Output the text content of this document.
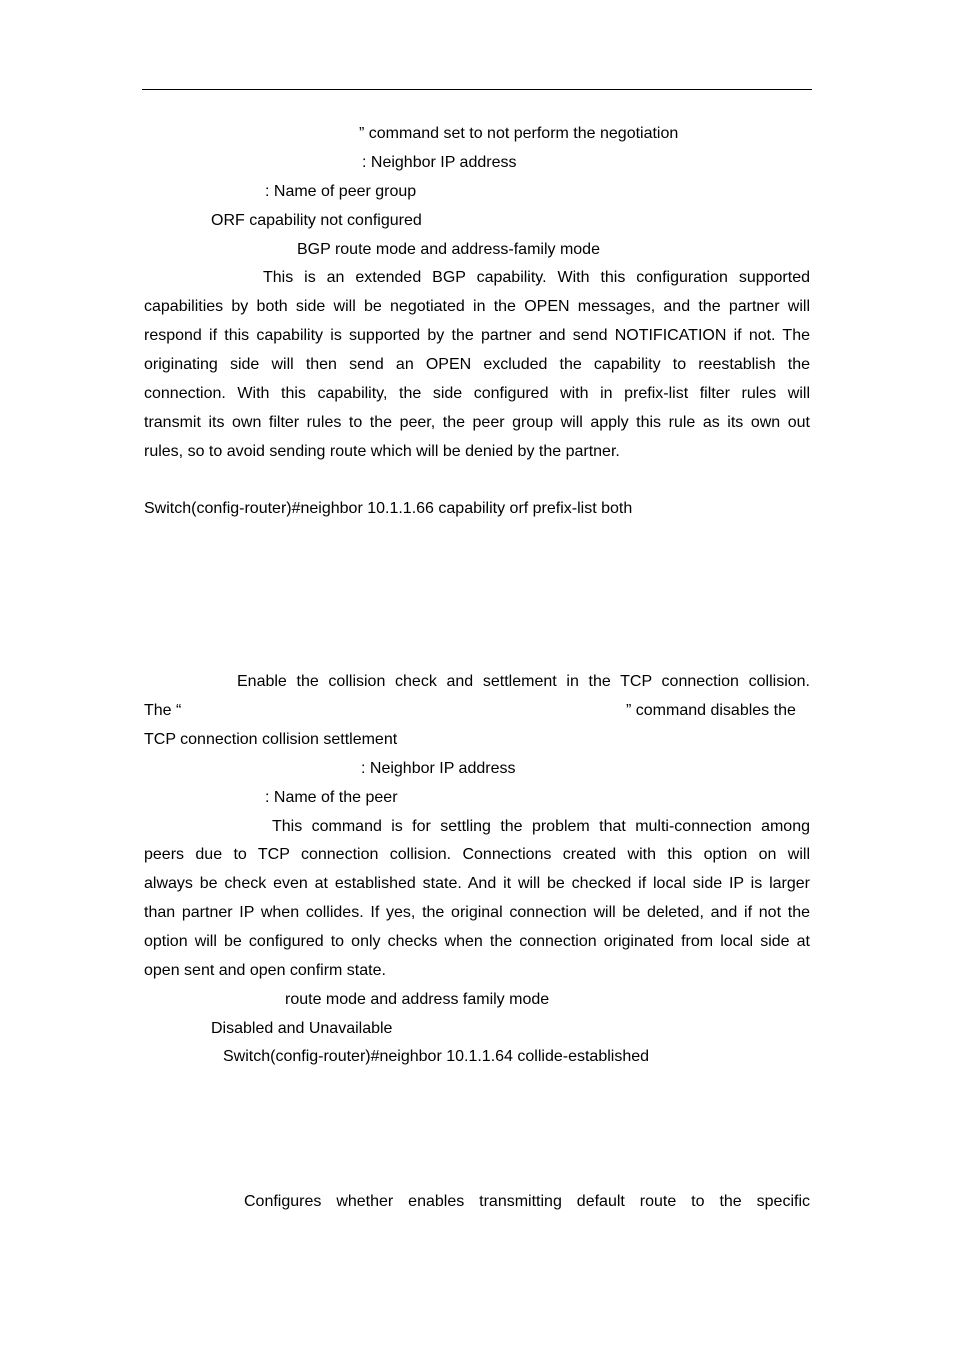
” command set to not perform the negotiation
: Neighbor IP address
: Name of peer group
ORF capability not configured
BGP route mode and address-family mode
This is an extended BGP capability. With this configuration supported
capabilities by both side will be negotiated in the OPEN messages, and the partner will
respond if this capability is supported by the partner and send NOTIFICATION if not. The
originating side will then send an OPEN excluded the capability to reestablish the
connection. With this capability, the side configured with in prefix-list filter rules will
transmit its own filter rules to the peer, the peer group will apply this rule as its own out
rules, so to avoid sending route which will be denied by the partner.
Switch(config-router)#neighbor 10.1.1.66 capability orf prefix-list both
Enable the collision check and settlement in the TCP connection collision.
The “	” command disables the
TCP connection collision settlement
: Neighbor IP address
: Name of the peer
This command is for settling the problem that multi-connection among
peers due to TCP connection collision. Connections created with this option on will
always be check even at established state. And it will be checked if local side IP is larger
than partner IP when collides. If yes, the original connection will be deleted, and if not the
option will be configured to only checks when the connection originated from local side at
open sent and open confirm state.
route mode and address family mode
Disabled and Unavailable
Switch(config-router)#neighbor 10.1.1.64 collide-established
Configures whether enables transmitting default route to the specific
